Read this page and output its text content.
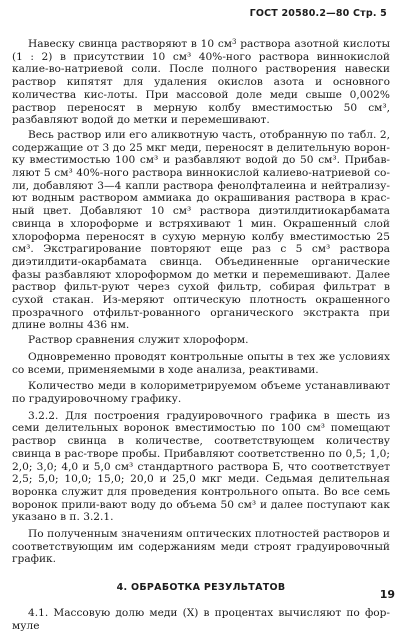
ГОСТ 20580.2—80 Стр. 5

Навеску свинца растворяют в 10 $см^3$ раствора азотной кислоты (1 : 2) в присутствии 10 см³ 40%-ного раствора виннокислой калие-во-натриевой соли. После полного растворения навески раствор кипятят для удаления окислов азота и основного количества кис-лоты. При массовой доле меди свыше 0,002% раствор переносят в мерную колбу вместимостью 50 см³, разбавляют водой до метки и перемешивают.

Весь раствор или его аликвотную часть, отобранную по табл. 2, содержащие от 3 до 25 мкг меди, переносят в делительную ворон-ку вместимостью 100 см³ и разбавляют водой до 50 см³. Прибав-ляют 5 см³ 40%-ного раствора виннокислой калиево-натриевой со-ли, добавляют 3—4 капли раствора фенолфталеина и нейтрализу-ют водным раствором аммиака до окрашивания раствора в крас-ный цвет. Добавляют 10 см³ раствора диэтилдитиокарбамата свинца в хлороформе и встряхивают 1 мин. Окрашенный слой хлороформа переносят в сухую мерную колбу вместимостью 25 см³. Экстрагирование повторяют еще раз с 5 см³ раствора диэтилдити-окарбамата свинца. Объединенные органические фазы разбавляют хлороформом до метки и перемешивают. Далее раствор фильт-руют через сухой фильтр, собирая фильтрат в сухой стакан. Из-меряют оптическую плотность окрашенного прозрачного отфильт-рованного органического экстракта при длине волны 436 нм.

Раствор сравнения служит хлороформ.

Одновременно проводят контрольные опыты в тех же условиях со всеми, применяемыми в ходе анализа, реактивами.

Количество меди в колориметрируемом объеме устанавливают по градуировочному графику.

3.2.2. Для построения градуировочного графика в шесть из семи делительных воронок вместимостью по 100 см³ помещают раствор свинца в количестве, соответствующем количеству свинца в рас-творе пробы. Прибавляют соответственно по 0,5; 1,0; 2,0; 3,0; 4,0 и 5,0 см³ стандартного раствора Б, что соответствует 2,5; 5,0; 10,0; 15,0; 20,0 и 25,0 мкг меди. Седьмая делительная воронка служит для проведения контрольного опыта. Во все семь воронок прили-вают воду до объема 50 см³ и далее поступают как указано в п. 3.2.1.

По полученным значениям оптических плотностей растворов и соответствующим им содержаниям меди строят градуировочный график.

4. ОБРАБОТКА РЕЗУЛЬТАТОВ

4.1. Массовую долю меди (X) в процентах вычисляют по фор-муле

19
